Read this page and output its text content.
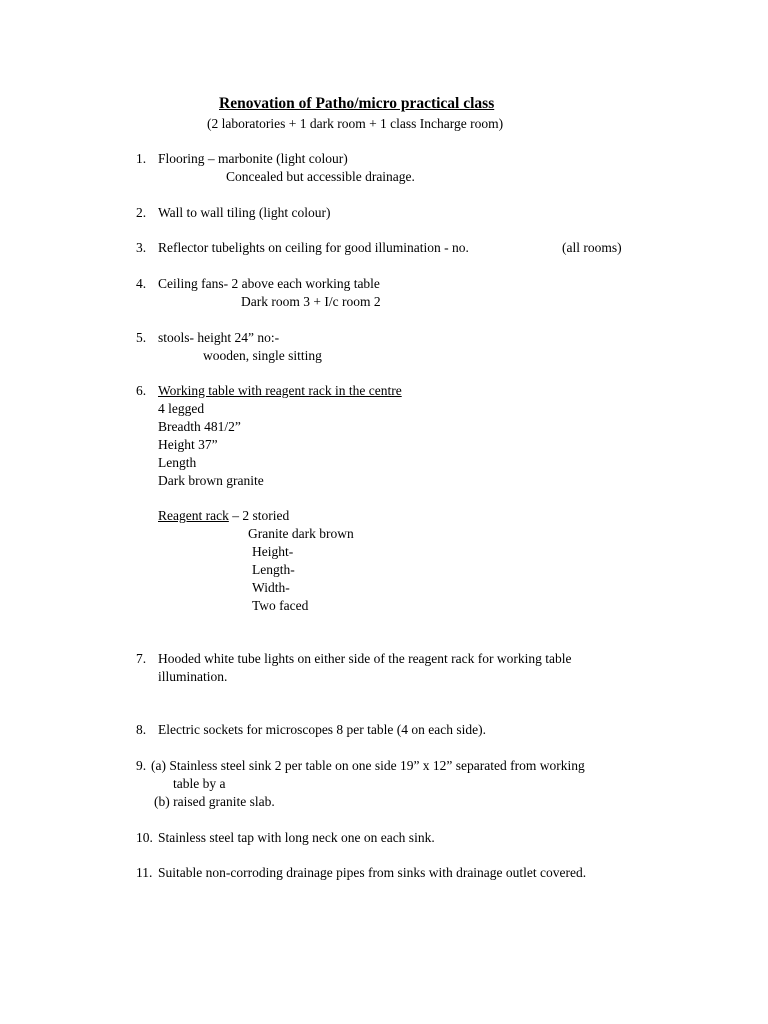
Renovation of Patho/micro practical class
(2 laboratories + 1 dark room + 1 class Incharge room)
1. Flooring – marbonite (light colour)
Concealed but accessible drainage.
2. Wall to wall tiling (light colour)
3. Reflector tubelights on ceiling for good illumination - no.	(all rooms)
4. Ceiling fans- 2 above each working table
Dark room 3 + I/c room 2
5. stools- height 24” no:-
wooden, single sitting
6. Working table with reagent rack in the centre
4 legged
Breadth 481/2”
Height 37”
Length
Dark brown granite
Reagent rack – 2 storied
Granite dark brown
Height-
Length-
Width-
Two faced
7. Hooded white tube lights on either side of the reagent rack for working table
illumination.
8. Electric sockets for microscopes 8 per table (4 on each side).
9. (a) Stainless steel sink 2 per table on one side 19” x 12” separated from working
table by a
(b) raised granite slab.
10. Stainless steel tap with long neck one on each sink.
11. Suitable non-corroding drainage pipes from sinks with drainage outlet covered.
